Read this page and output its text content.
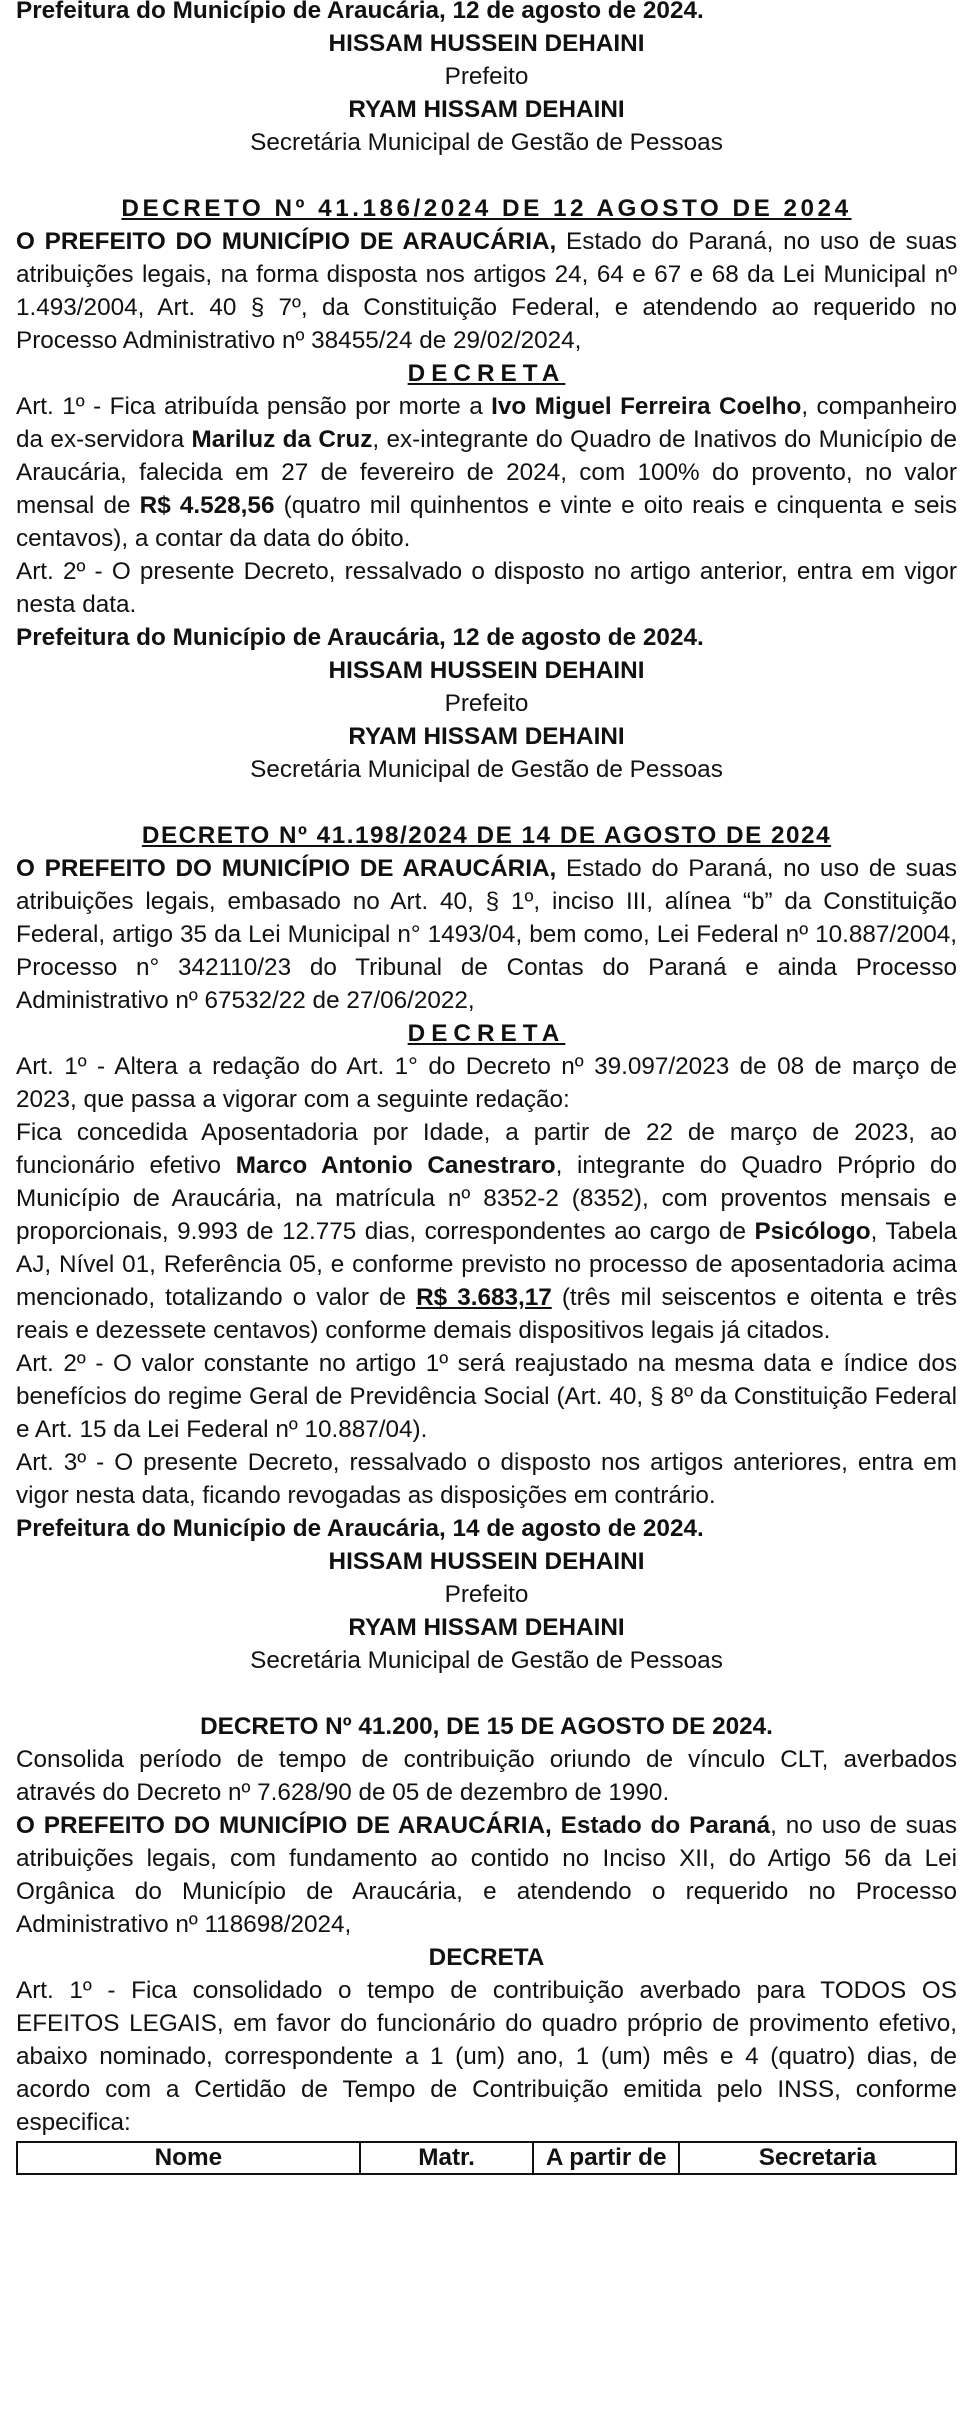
Prefeitura do Município de Araucária, 12 de agosto de 2024.

HISSAM HUSSEIN DEHAINI

Prefeito

RYAM HISSAM DEHAINI

Secretária Municipal de Gestão de Pessoas

DECRETO Nº 41.186/2024 DE 12 AGOSTO DE 2024

O PREFEITO DO MUNICÍPIO DE ARAUCÁRIA, Estado do Paraná, no uso de suas atribuições legais, na forma disposta nos artigos 24, 64 e 67 e 68 da Lei Municipal nº 1.493/2004, Art. 40 § 7º, da Constituição Federal, e atendendo ao requerido no Processo Administrativo nº 38455/24 de 29/02/2024,

DECRETA

Art. 1º - Fica atribuída pensão por morte a Ivo Miguel Ferreira Coelho, companheiro da ex-servidora Mariluz da Cruz, ex-integrante do Quadro de Inativos do Município de Araucária, falecida em 27 de fevereiro de 2024, com 100% do provento, no valor mensal de R$ 4.528,56 (quatro mil quinhentos e vinte e oito reais e cinquenta e seis centavos), a contar da data do óbito.

Art. 2º - O presente Decreto, ressalvado o disposto no artigo anterior, entra em vigor nesta data.

Prefeitura do Município de Araucária, 12 de agosto de 2024.

HISSAM HUSSEIN DEHAINI

Prefeito

RYAM HISSAM DEHAINI

Secretária Municipal de Gestão de Pessoas

DECRETO Nº 41.198/2024 DE 14 DE AGOSTO DE 2024

O PREFEITO DO MUNICÍPIO DE ARAUCÁRIA, Estado do Paraná, no uso de suas atribuições legais, embasado no Art. 40, § 1º, inciso III, alínea “b” da Constituição Federal, artigo 35 da Lei Municipal n° 1493/04, bem como, Lei Federal nº 10.887/2004, Processo n° 342110/23 do Tribunal de Contas do Paraná e ainda Processo Administrativo nº 67532/22 de 27/06/2022,

DECRETA

Art. 1º - Altera a redação do Art. 1° do Decreto nº 39.097/2023 de 08 de março de 2023, que passa a vigorar com a seguinte redação:

Fica concedida Aposentadoria por Idade, a partir de 22 de março de 2023, ao funcionário efetivo Marco Antonio Canestraro, integrante do Quadro Próprio do Município de Araucária, na matrícula nº 8352-2 (8352), com proventos mensais e proporcionais, 9.993 de 12.775 dias, correspondentes ao cargo de Psicólogo, Tabela AJ, Nível 01, Referência 05, e conforme previsto no processo de aposentadoria acima mencionado, totalizando o valor de R$ 3.683,17 (três mil seiscentos e oitenta e três reais e dezessete centavos) conforme demais dispositivos legais já citados.

Art. 2º - O valor constante no artigo 1º será reajustado na mesma data e índice dos benefícios do regime Geral de Previdência Social (Art. 40, § 8º da Constituição Federal e Art. 15 da Lei Federal nº 10.887/04).

Art. 3º - O presente Decreto, ressalvado o disposto nos artigos anteriores, entra em vigor nesta data, ficando revogadas as disposições em contrário.

Prefeitura do Município de Araucária, 14 de agosto de 2024.

HISSAM HUSSEIN DEHAINI

Prefeito

RYAM HISSAM DEHAINI

Secretária Municipal de Gestão de Pessoas

DECRETO Nº 41.200, DE 15 DE AGOSTO DE 2024.

Consolida período de tempo de contribuição oriundo de vínculo CLT, averbados através do Decreto nº 7.628/90 de 05 de dezembro de 1990.

O PREFEITO DO MUNICÍPIO DE ARAUCÁRIA, Estado do Paraná, no uso de suas atribuições legais, com fundamento ao contido no Inciso XII, do Artigo 56 da Lei Orgânica do Município de Araucária, e atendendo o requerido no Processo Administrativo nº 118698/2024,

DECRETA

Art. 1º - Fica consolidado o tempo de contribuição averbado para TODOS OS EFEITOS LEGAIS, em favor do funcionário do quadro próprio de provimento efetivo, abaixo nominado, correspondente a 1 (um) ano, 1 (um) mês e 4 (quatro) dias, de acordo com a Certidão de Tempo de Contribuição emitida pelo INSS, conforme especifica:

Nome	Matr.	A partir de	Secretaria
